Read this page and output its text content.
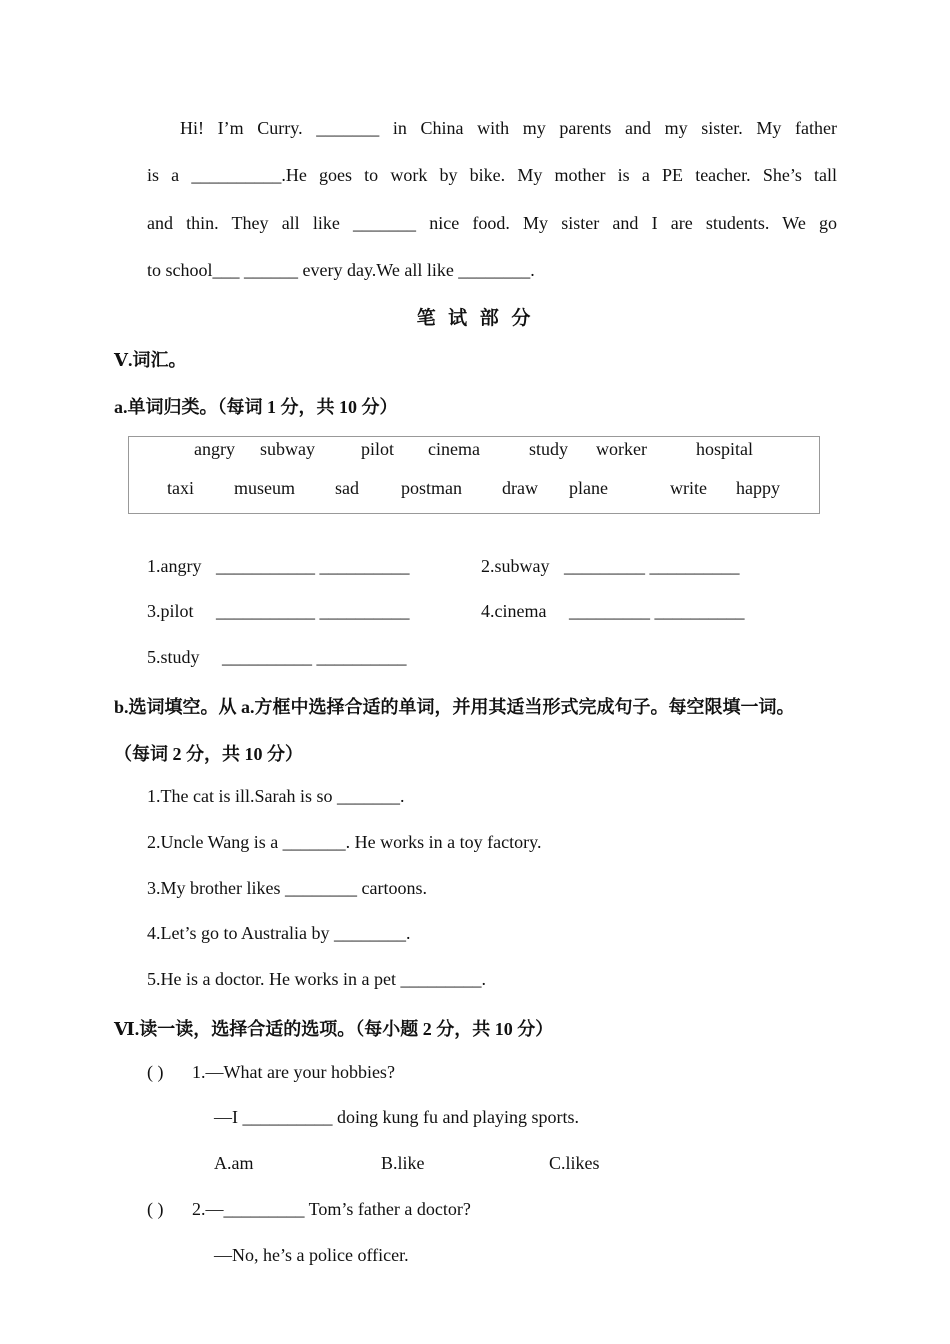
Hi! I’m Curry. _______ in China with my parents and my sister. My father
is a __________.He goes to work by bike. My mother is a PE teacher. She’s tall
and thin. They all like _______ nice food. My sister and I are students. We go
to school___ ______ every day.We all like ________.
笔 试 部 分
Ⅴ.词汇。
a.单词归类。（每词 1 分，共 10 分）
angry subway	pilot cinema	study worker	hospital
taxi museum sad postman draw plane	write happy
1.angry ___________ __________	2.subway _________ __________
3.pilot ___________ __________	4.cinema _________ __________
5.study __________ __________
b.选词填空。从 a.方框中选择合适的单词，并用其适当形式完成句子。每空限填一词。
（每词 2 分，共 10 分）
1.The cat is ill.Sarah is so _______.
2.Uncle Wang is a _______. He works in a toy factory.
3.My brother likes ________ cartoons.
4.Let’s go to Australia by ________.
5.He is a doctor. He works in a pet _________.
Ⅵ.读一读，选择合适的选项。（每小题 2 分，共 10 分）
( ) 1.—What are your hobbies?
—I __________ doing kung fu and playing sports.
A.am	B.like	C.likes
( ) 2.—_________ Tom’s father a doctor?
—No, he’s a police officer.
